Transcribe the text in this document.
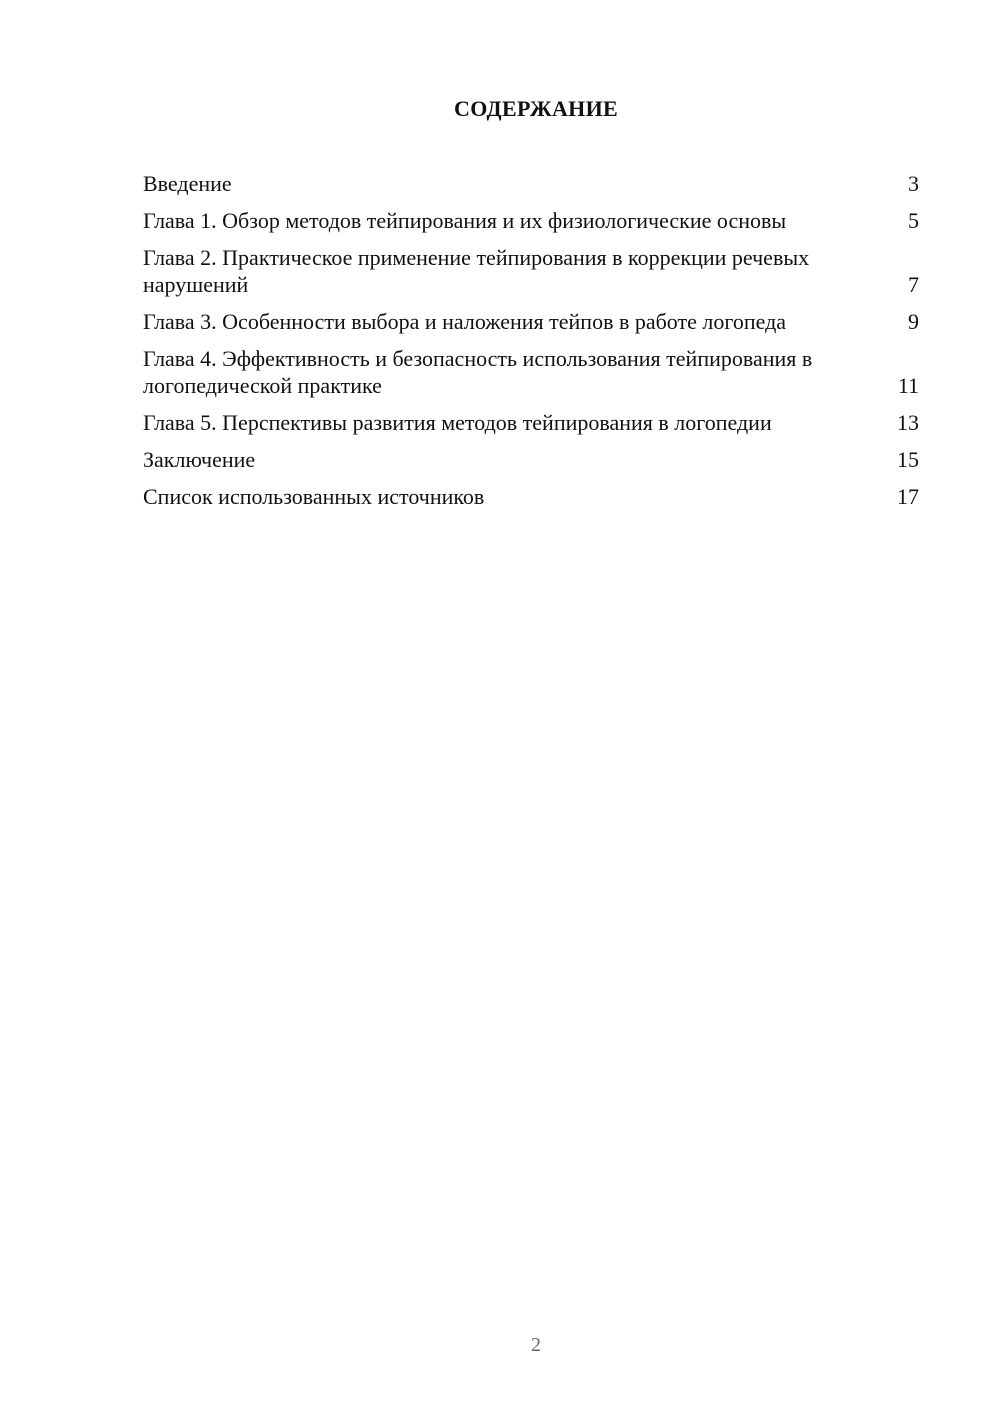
СОДЕРЖАНИЕ
Введение	3
Глава 1. Обзор методов тейпирования и их физиологические основы	5
Глава 2. Практическое применение тейпирования в коррекции речевых нарушений	7
Глава 3. Особенности выбора и наложения тейпов в работе логопеда	9
Глава 4. Эффективность и безопасность использования тейпирования в логопедической практике	11
Глава 5. Перспективы развития методов тейпирования в логопедии	13
Заключение	15
Список использованных источников	17
2
